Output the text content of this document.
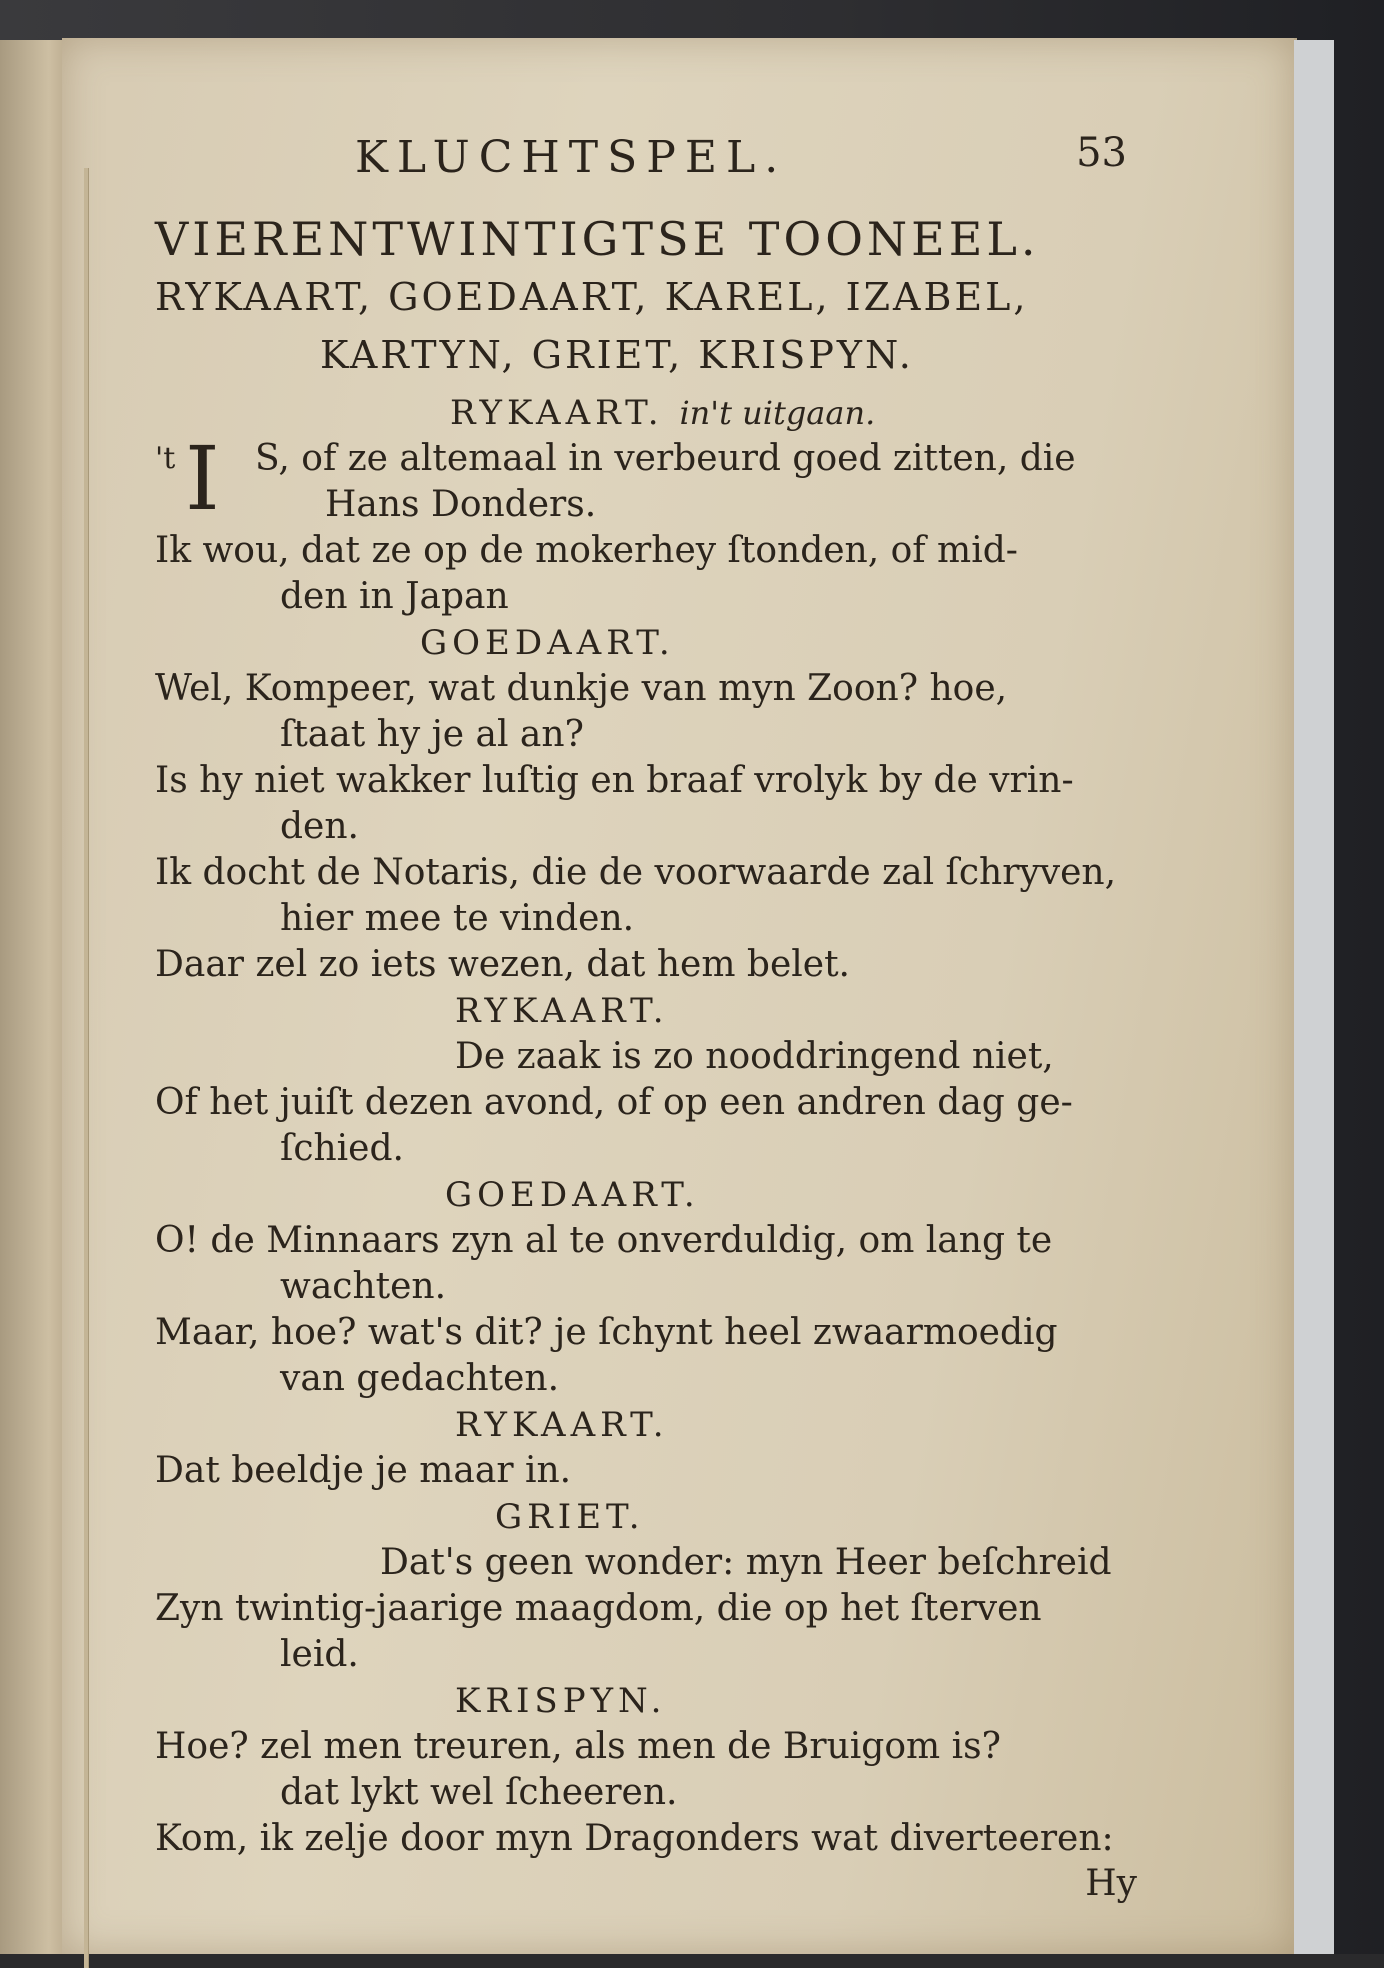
KLUCHTSPEL.	53
VIERENTWINTIGTSE TOONEEL.
RYKAART, GOEDAART, KAREL, IZABEL,
KARTYN, GRIET, KRISPYN.
RYKAART. in't uitgaan.
't I S, of ze altemaal in verbeurd goed zitten, die
Hans Donders.
Ik wou, dat ze op de mokerhey ſtonden, of mid-
den in Japan
GOEDAART.
Wel, Kompeer, wat dunkje van myn Zoon? hoe,
ſtaat hy je al an?
Is hy niet wakker luſtig en braaf vrolyk by de vrin-
den.
Ik docht de Notaris, die de voorwaarde zal ſchryven,
hier mee te vinden.
Daar zel zo iets wezen, dat hem belet.
RYKAART.
De zaak is zo nooddringend niet,
Of het juiſt dezen avond, of op een andren dag ge-
ſchied.
GOEDAART.
O! de Minnaars zyn al te onverduldig, om lang te
wachten.
Maar, hoe? wat's dit? je ſchynt heel zwaarmoedig
van gedachten.
RYKAART.
Dat beeldje je maar in.
GRIET.
Dat's geen wonder: myn Heer beſchreid
Zyn twintig-jaarige maagdom, die op het ſterven
leid.
KRISPYN.
Hoe? zel men treuren, als men de Bruigom is?
dat lykt wel ſcheeren.
Kom, ik zelje door myn Dragonders wat diverteeren:
Hy
